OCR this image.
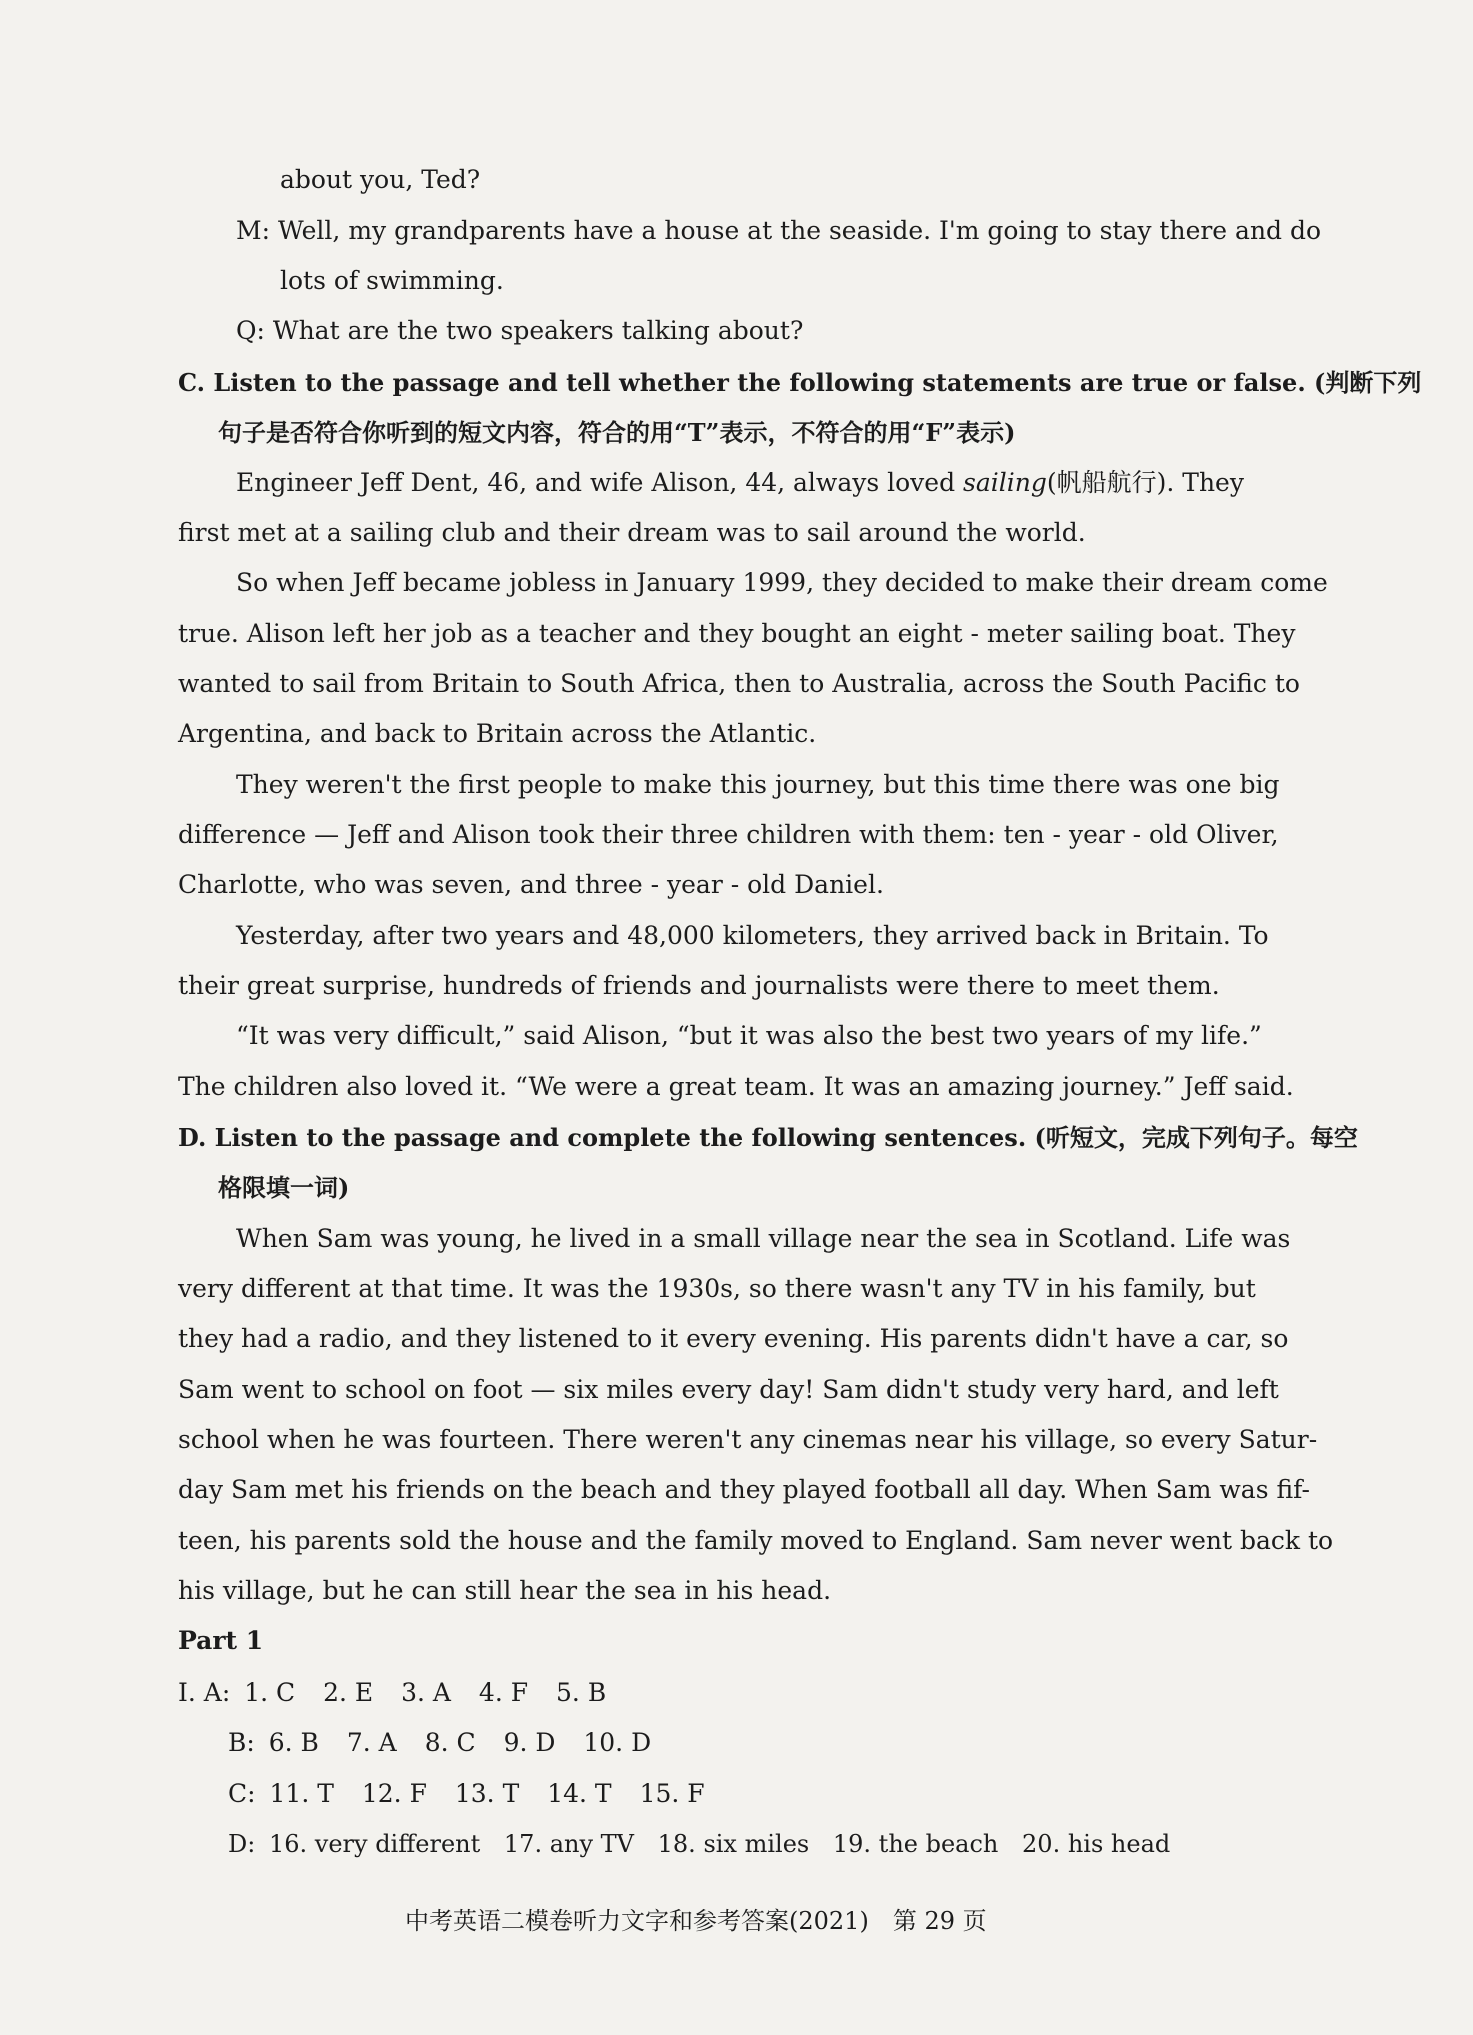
about you, Ted?
M: Well, my grandparents have a house at the seaside. I'm going to stay there and do
lots of swimming.
Q: What are the two speakers talking about?
C. Listen to the passage and tell whether the following statements are true or false. (判断下列
句子是否符合你听到的短文内容，符合的用“T”表示，不符合的用“F”表示)
Engineer Jeff Dent, 46, and wife Alison, 44, always loved sailing(帆船航行). They
first met at a sailing club and their dream was to sail around the world.
So when Jeff became jobless in January 1999, they decided to make their dream come
true. Alison left her job as a teacher and they bought an eight - meter sailing boat. They
wanted to sail from Britain to South Africa, then to Australia, across the South Pacific to
Argentina, and back to Britain across the Atlantic.
They weren't the first people to make this journey, but this time there was one big
difference — Jeff and Alison took their three children with them: ten - year - old Oliver,
Charlotte, who was seven, and three - year - old Daniel.
Yesterday, after two years and 48,000 kilometers, they arrived back in Britain. To
their great surprise, hundreds of friends and journalists were there to meet them.
“It was very difficult,” said Alison, “but it was also the best two years of my life.”
The children also loved it. “We were a great team. It was an amazing journey.” Jeff said.
D. Listen to the passage and complete the following sentences. (听短文，完成下列句子。每空
格限填一词)
When Sam was young, he lived in a small village near the sea in Scotland. Life was
very different at that time. It was the 1930s, so there wasn't any TV in his family, but
they had a radio, and they listened to it every evening. His parents didn't have a car, so
Sam went to school on foot — six miles every day! Sam didn't study very hard, and left
school when he was fourteen. There weren't any cinemas near his village, so every Satur-
day Sam met his friends on the beach and they played football all day. When Sam was fif-
teen, his parents sold the house and the family moved to England. Sam never went back to
his village, but he can still hear the sea in his head.
Part 1
Ⅰ. A: 1. C 2. E 3. A 4. F 5. B
B: 6. B 7. A 8. C 9. D 10. D
C: 11. T 12. F 13. T 14. T 15. F
D: 16. very different 17. any TV 18. six miles 19. the beach 20. his head
中考英语二模卷听力文字和参考答案(2021) 第 29 页
